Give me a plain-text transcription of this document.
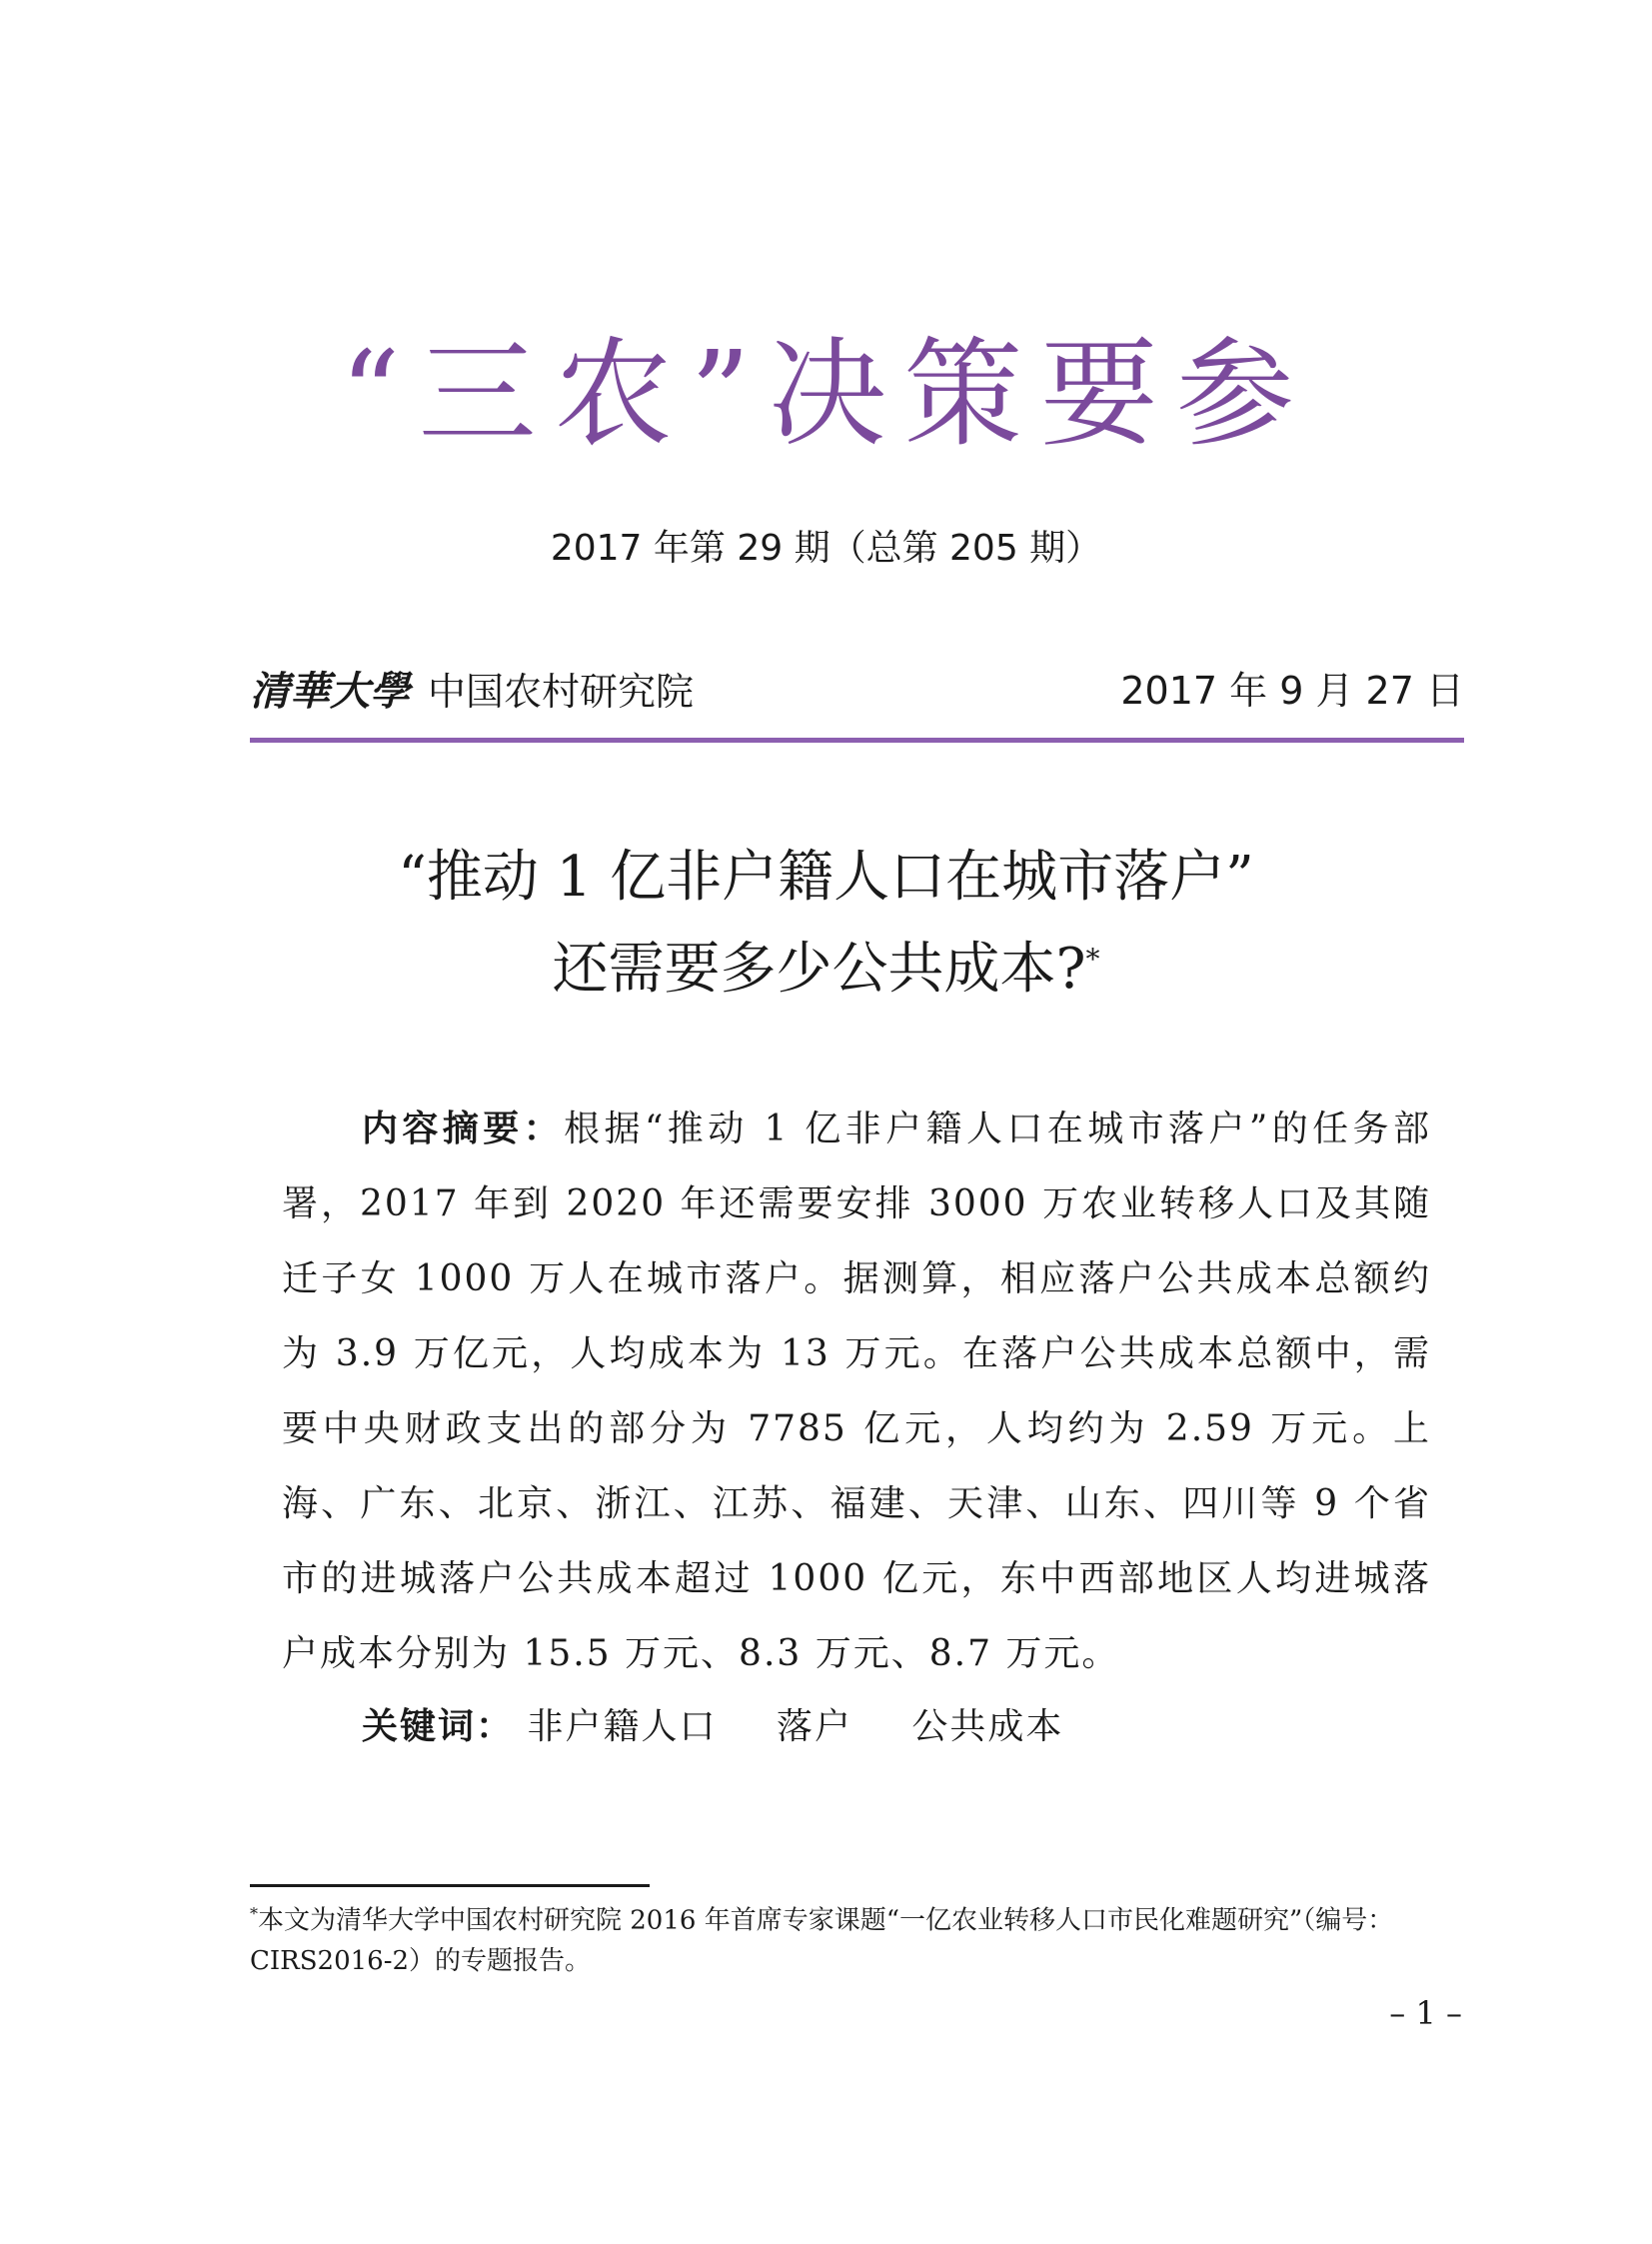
“三农”决策要参
2017 年第 29 期（总第 205 期）
清華大學 中国农村研究院	2017 年 9 月 27 日
“推动 1 亿非户籍人口在城市落户”
还需要多少公共成本?*
内容摘要：根据“推动 1 亿非户籍人口在城市落户”的任务部署，2017 年到 2020 年还需要安排 3000 万农业转移人口及其随迁子女 1000 万人在城市落户。据测算，相应落户公共成本总额约为 3.9 万亿元，人均成本为 13 万元。在落户公共成本总额中，需要中央财政支出的部分为 7785 亿元，人均约为 2.59 万元。上海、广东、北京、浙江、江苏、福建、天津、山东、四川等 9 个省市的进城落户公共成本超过 1000 亿元，东中西部地区人均进城落户成本分别为 15.5 万元、8.3 万元、8.7 万元。
关键词： 非户籍人口 落户 公共成本
*本文为清华大学中国农村研究院 2016 年首席专家课题“一亿农业转移人口市民化难题研究”（编号：CIRS2016-2）的专题报告。
– 1 –
